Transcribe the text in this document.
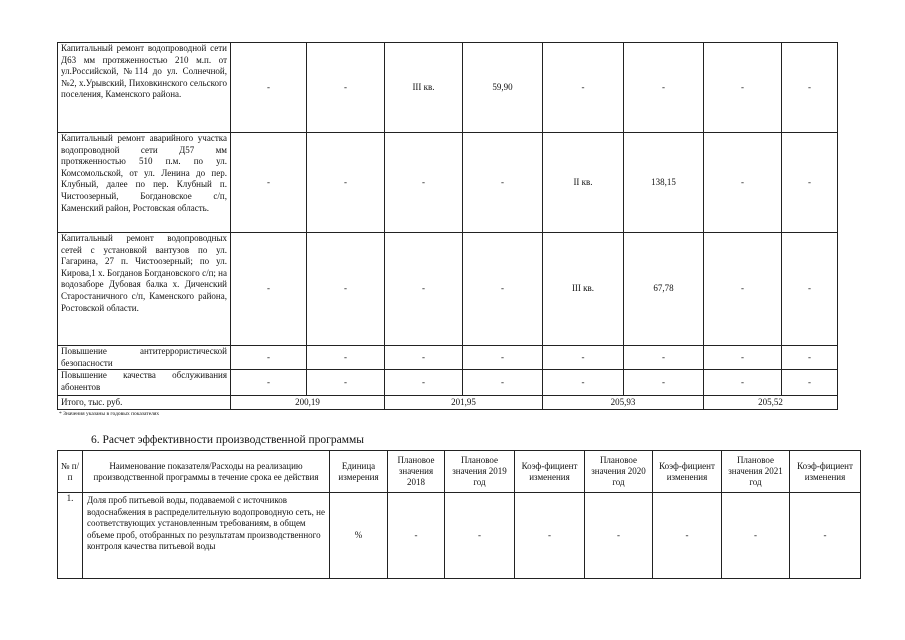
Капитальный ремонт водопроводной сети Д63 мм протяженностью 210 м.п. от ул.Российской, №114 до ул. Солнечной, №2, х.Урывский, Пиховкинского сельского поселения, Каменского района.	-	-	III кв.	59,90	-	-	-	-
Капитальный ремонт аварийного участка водопроводной сети Д57 мм протяженностью 510 п.м. по ул. Комсомольской, от ул. Ленина до пер. Клубный, далее по пер. Клубный п. Чистоозерный, Богдановское с/п, Каменский район, Ростовская область.	-	-	-	-	II кв.	138,15	-	-
Капитальный ремонт водопроводных сетей с установкой вантузов по ул. Гагарина, 27 п. Чистоозерный; по ул. Кирова,1 х. Богданов Богдановского с/п; на водозаборе Дубовая балка х. Диченский Старостаничного с/п, Каменского района, Ростовской области.	-	-	-	-	III кв.	67,78	-	-
Повышение антитеррористической безопасности	-	-	-	-	-	-	-	-
Повышение качества обслуживания абонентов	-	-	-	-	-	-	-	-
Итого, тыс. руб.	200,19		201,95		205,93		205,52	
* Значения указаны в годовых показателях
6. Расчет эффективности производственной программы
№ п/п	Наименование показателя/Расходы на реализацию производственной программы в течение срока ее действия	Единица измерения	Плановое значения 2018	Плановое значения 2019 год	Коэф-фициент изменения	Плановое значения 2020 год	Коэф-фициент изменения	Плановое значения 2021 год	Коэф-фициент изменения
1.	Доля проб питьевой воды, подаваемой с источников водоснабжения в распределительную водопроводную сеть, не соответствующих установленным требованиям, в общем объеме проб, отобранных по результатам производственного контроля качества питьевой воды	%	-	-	-	-	-	-	-
